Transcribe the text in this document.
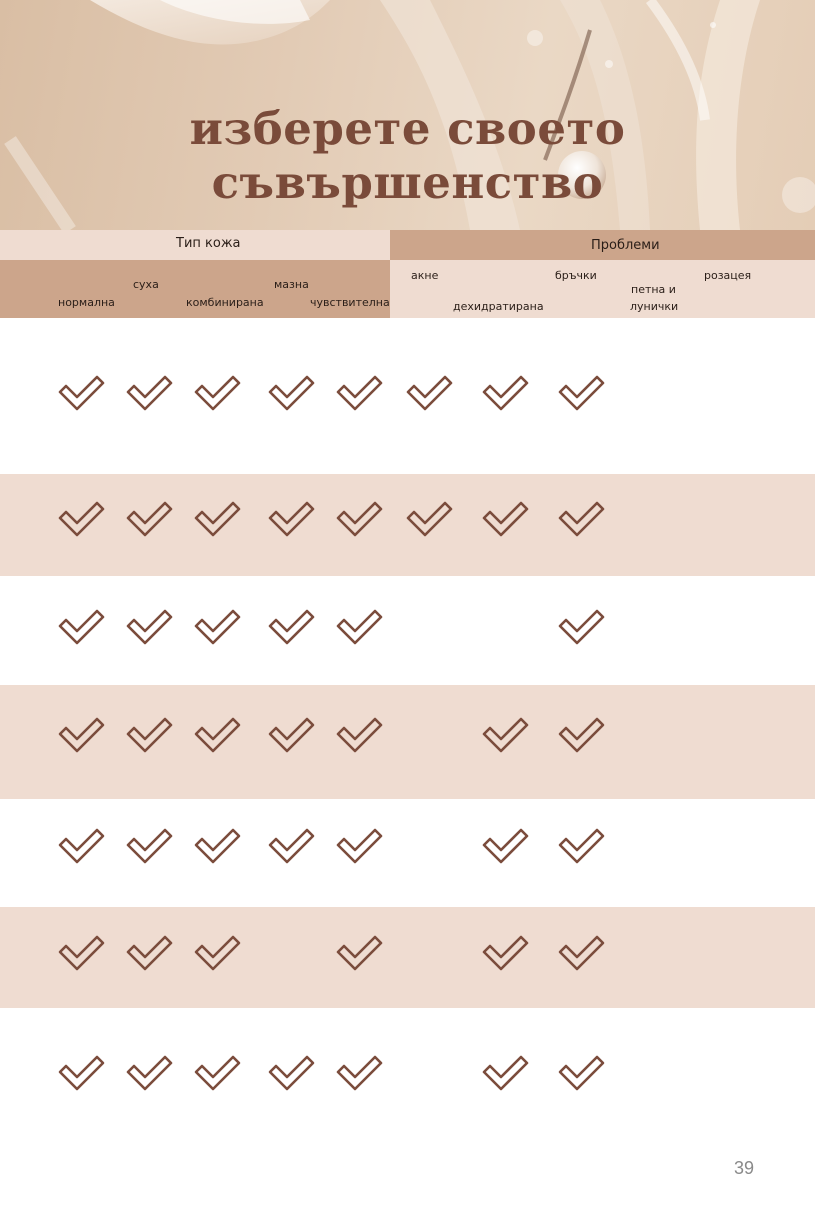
изберете своето
съвършенство
Тип кожа
нормална
суха
комбинирана
мазна
чувствителна
Проблеми
акне
дехидратирана
бръчки
петна и
лунички
розацея
39
